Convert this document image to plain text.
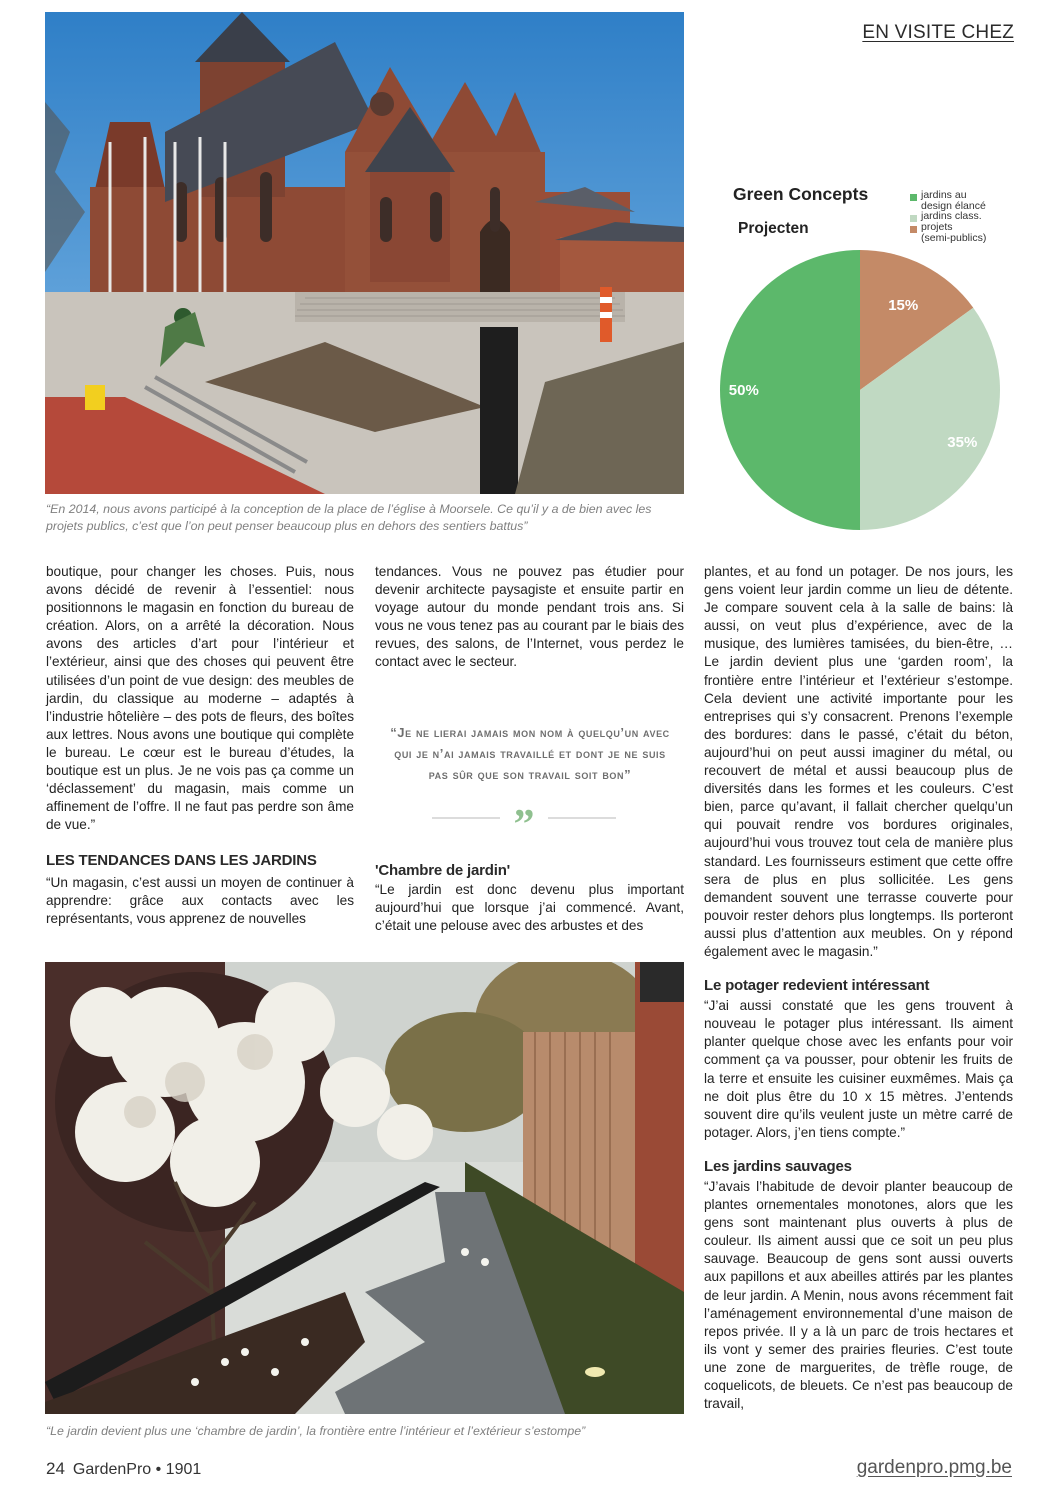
EN VISITE CHEZ
“En 2014, nous avons participé à la conception de la place de l’église à Moorsele. Ce qu’il y a de bien avec les projets publics, c’est que l’on peut penser beaucoup plus en dehors des sentiers battus”
15%
35%
50%
Green Concepts
Projecten
jardins au
design élancé
jardins class.
projets
(semi-publics)

boutique, pour changer les choses. Puis, nous avons décidé de revenir à l’essentiel: nous positionnons le magasin en fonction du bureau de création. Alors, on a arrêté la décoration. Nous avons des articles d’art pour l’intérieur et l’extérieur, ainsi que des choses qui peuvent être utilisées d’un point de vue design: des meubles de jardin, du classique au moderne – adaptés à l’industrie hôtelière – des pots de fleurs, des boîtes aux lettres. Nous avons une boutique qui complète le bureau. Le cœur est le bureau d’études, la boutique est un plus. Je ne vois pas ça comme un ‘déclassement’ du magasin, mais comme un affinement de l’offre. Il ne faut pas perdre son âme de vue.”

LES TENDANCES DANS LES JARDINS

“Un magasin, c’est aussi un moyen de continuer à apprendre: grâce aux contacts avec les représentants, vous apprenez de nouvelles

tendances. Vous ne pouvez pas étudier pour devenir architecte paysagiste et ensuite partir en voyage autour du monde pendant trois ans. Si vous ne vous tenez pas au courant par le biais des revues, des salons, de l’Internet, vous perdez le contact avec le secteur.

“Je ne lierai jamais mon nom à quelqu’un avec qui je n’ai jamais travaillé et dont je ne suis pas sûr que son travail soit bon”
”
'Chambre de jardin'

“Le jardin est donc devenu plus important aujourd’hui que lorsque j’ai commencé. Avant, c’était une pelouse avec des arbustes et des

plantes, et au fond un potager. De nos jours, les gens voient leur jardin comme un lieu de détente. Je compare souvent cela à la salle de bains: là aussi, on veut plus d’expérience, avec de la musique, des lumières tamisées, du bien-être, … Le jardin devient plus une ‘garden room’, la frontière entre l’intérieur et l’extérieur s’estompe. Cela devient une activité importante pour les entreprises qui s’y consacrent. Prenons l’exemple des bordures: dans le passé, c’était du béton, aujourd’hui on peut aussi imaginer du métal, ou recouvert de métal et aussi beaucoup plus de diversités dans les formes et les couleurs. C’est bien, parce qu’avant, il fallait chercher quelqu’un qui pouvait rendre vos bordures originales, aujourd’hui vous trouvez tout cela de manière plus standard. Les fournisseurs estiment que cette offre sera de plus en plus sollicitée. Les gens demandent souvent une terrasse couverte pour pouvoir rester dehors plus longtemps. Ils porteront aussi plus d’attention aux meubles. On y répond également avec le magasin.”

Le potager redevient intéressant

“J’ai aussi constaté que les gens trouvent à nouveau le potager plus intéressant. Ils aiment planter quelque chose avec les enfants pour voir comment ça va pousser, pour obtenir les fruits de la terre et ensuite les cuisiner euxmêmes. Mais ça ne doit plus être du 10 x 15 mètres. J’entends souvent dire qu’ils veulent juste un mètre carré de potager. Alors, j’en tiens compte.”

Les jardins sauvages

“J’avais l’habitude de devoir planter beaucoup de plantes ornementales monotones, alors que les gens sont maintenant plus ouverts à plus de couleur. Ils aiment aussi que ce soit un peu plus sauvage. Beaucoup de gens sont aussi ouverts aux papillons et aux abeilles attirés par les plantes de leur jardin. A Menin, nous avons récemment fait l’aménagement environnemental d’une maison de repos privée. Il y a là un parc de trois hectares et ils vont y semer des prairies fleuries. C’est toute une zone de marguerites, de trèfle rouge, de coquelicots, de bleuets. Ce n’est pas beaucoup de travail,

“Le jardin devient plus une ‘chambre de jardin’, la frontière entre l’intérieur et l’extérieur s’estompe”
24 GardenPro • 1901	gardenpro.pmg.be
